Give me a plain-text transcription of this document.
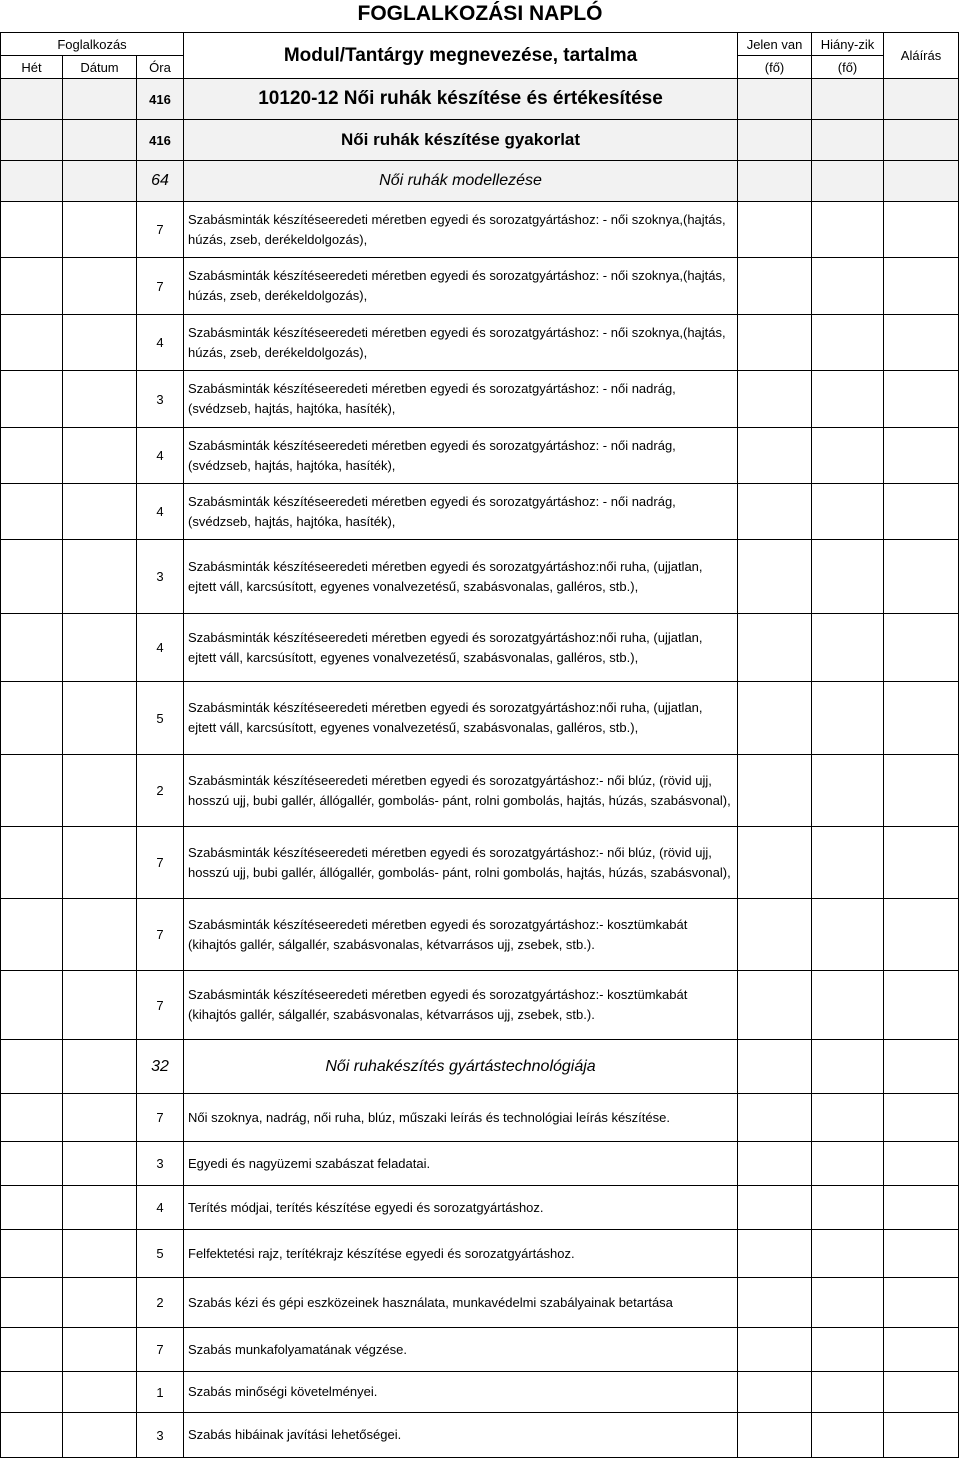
FOGLALKOZÁSI NAPLÓ
Foglalkozás			Modul/Tantárgy megnevezése, tartalma	Jelen van	Hiány-zik	Aláírás
Hét	Dátum	Óra		(fő)	(fő)	
		416	10120-12 Női ruhák készítése és értékesítése			
		416	Női ruhák készítése gyakorlat			
		64	Női ruhák modellezése			
		7	Szabásminták készítéseeredeti méretben egyedi és sorozatgyártáshoz: - női szoknya,(hajtás, húzás, zseb, derékeldolgozás),			
		7	Szabásminták készítéseeredeti méretben egyedi és sorozatgyártáshoz: - női szoknya,(hajtás, húzás, zseb, derékeldolgozás),			
		4	Szabásminták készítéseeredeti méretben egyedi és sorozatgyártáshoz: - női szoknya,(hajtás, húzás, zseb, derékeldolgozás),			
		3	Szabásminták készítéseeredeti méretben egyedi és sorozatgyártáshoz: - női nadrág, (svédzseb, hajtás, hajtóka, hasíték),			
		4	Szabásminták készítéseeredeti méretben egyedi és sorozatgyártáshoz: - női nadrág, (svédzseb, hajtás, hajtóka, hasíték),			
		4	Szabásminták készítéseeredeti méretben egyedi és sorozatgyártáshoz: - női nadrág, (svédzseb, hajtás, hajtóka, hasíték),			
		3	Szabásminták készítéseeredeti méretben egyedi és sorozatgyártáshoz:női ruha, (ujjatlan, ejtett váll, karcsúsított, egyenes vonalvezetésű, szabásvonalas, galléros, stb.),			
		4	Szabásminták készítéseeredeti méretben egyedi és sorozatgyártáshoz:női ruha, (ujjatlan, ejtett váll, karcsúsított, egyenes vonalvezetésű, szabásvonalas, galléros, stb.),			
		5	Szabásminták készítéseeredeti méretben egyedi és sorozatgyártáshoz:női ruha, (ujjatlan, ejtett váll, karcsúsított, egyenes vonalvezetésű, szabásvonalas, galléros, stb.),			
		2	Szabásminták készítéseeredeti méretben egyedi és sorozatgyártáshoz:- női blúz, (rövid ujj, hosszú ujj, bubi gallér, állógallér, gombolás- pánt, rolni gombolás, hajtás, húzás, szabásvonal),			
		7	Szabásminták készítéseeredeti méretben egyedi és sorozatgyártáshoz:- női blúz, (rövid ujj, hosszú ujj, bubi gallér, állógallér, gombolás- pánt, rolni gombolás, hajtás, húzás, szabásvonal),			
		7	Szabásminták készítéseeredeti méretben egyedi és sorozatgyártáshoz:- kosztümkabát (kihajtós gallér, sálgallér, szabásvonalas, kétvarrásos ujj, zsebek, stb.).			
		7	Szabásminták készítéseeredeti méretben egyedi és sorozatgyártáshoz:- kosztümkabát (kihajtós gallér, sálgallér, szabásvonalas, kétvarrásos ujj, zsebek, stb.).			
		32	Női ruhakészítés gyártástechnológiája			
		7	Női szoknya, nadrág, női ruha, blúz, műszaki leírás és technológiai leírás készítése.			
		3	Egyedi és nagyüzemi szabászat feladatai.			
		4	Terítés módjai, terítés készítése egyedi és sorozatgyártáshoz.			
		5	Felfektetési rajz, terítékrajz készítése egyedi és sorozatgyártáshoz.			
		2	Szabás kézi és gépi eszközeinek használata, munkavédelmi szabályainak betartása			
		7	Szabás munkafolyamatának végzése.			
		1	Szabás minőségi követelményei.			
		3	Szabás hibáinak javítási lehetőségei.			
